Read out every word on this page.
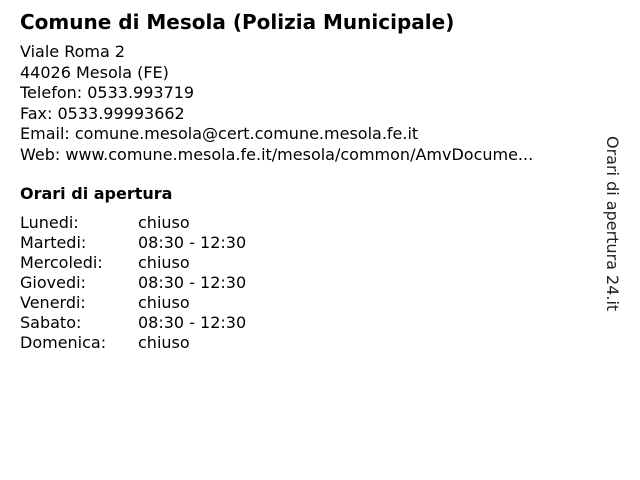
Comune di Mesola (Polizia Municipale)
Viale Roma 2
44026 Mesola (FE)
Telefon: 0533.993719
Fax: 0533.99993662
Email: comune.mesola@cert.comune.mesola.fe.it
Web: www.comune.mesola.fe.it/mesola/common/AmvDocume...
Orari di apertura
Lunedi:	chiuso
Martedi:	08:30 - 12:30
Mercoledi: chiuso
Giovedi:	08:30 - 12:30
Venerdi:	chiuso
Sabato:	08:30 - 12:30
Domenica: chiuso
Orari di apertura 24.it
